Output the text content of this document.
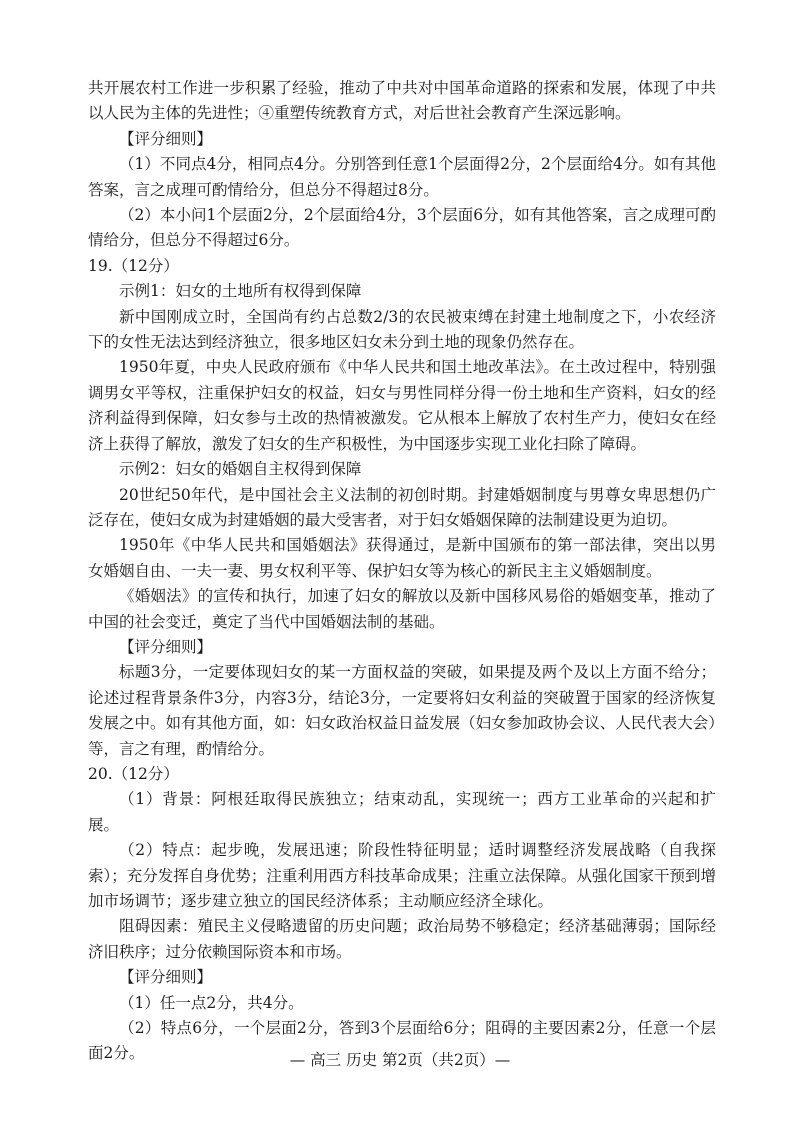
共开展农村工作进一步积累了经验，推动了中共对中国革命道路的探索和发展，体现了中共以人民为主体的先进性；④重塑传统教育方式，对后世社会教育产生深远影响。

【评分细则】

（1）不同点4分，相同点4分。分别答到任意1个层面得2分，2个层面给4分。如有其他答案，言之成理可酌情给分，但总分不得超过8分。

（2）本小问1个层面2分，2个层面给4分，3个层面6分，如有其他答案，言之成理可酌情给分，但总分不得超过6分。

19.（12分）

示例1：妇女的土地所有权得到保障

新中国刚成立时，全国尚有约占总数2/3的农民被束缚在封建土地制度之下，小农经济下的女性无法达到经济独立，很多地区妇女未分到土地的现象仍然存在。

1950年夏，中央人民政府颁布《中华人民共和国土地改革法》。在土改过程中，特别强调男女平等权，注重保护妇女的权益，妇女与男性同样分得一份土地和生产资料，妇女的经济利益得到保障，妇女参与土改的热情被激发。它从根本上解放了农村生产力，使妇女在经济上获得了解放，激发了妇女的生产积极性，为中国逐步实现工业化扫除了障碍。

示例2：妇女的婚姻自主权得到保障

20世纪50年代，是中国社会主义法制的初创时期。封建婚姻制度与男尊女卑思想仍广泛存在，使妇女成为封建婚姻的最大受害者，对于妇女婚姻保障的法制建设更为迫切。

1950年《中华人民共和国婚姻法》获得通过，是新中国颁布的第一部法律，突出以男女婚姻自由、一夫一妻、男女权利平等、保护妇女等为核心的新民主主义婚姻制度。

《婚姻法》的宣传和执行，加速了妇女的解放以及新中国移风易俗的婚姻变革，推动了中国的社会变迁，奠定了当代中国婚姻法制的基础。

【评分细则】

标题3分，一定要体现妇女的某一方面权益的突破，如果提及两个及以上方面不给分；论述过程背景条件3分，内容3分，结论3分，一定要将妇女利益的突破置于国家的经济恢复发展之中。如有其他方面，如：妇女政治权益日益发展（妇女参加政协会议、人民代表大会）等，言之有理，酌情给分。

20.（12分）

（1）背景：阿根廷取得民族独立；结束动乱，实现统一；西方工业革命的兴起和扩展。

（2）特点：起步晚，发展迅速；阶段性特征明显；适时调整经济发展战略（自我探索）；充分发挥自身优势；注重利用西方科技革命成果；注重立法保障。从强化国家干预到增加市场调节；逐步建立独立的国民经济体系；主动顺应经济全球化。

阻碍因素：殖民主义侵略遗留的历史问题；政治局势不够稳定；经济基础薄弱；国际经济旧秩序；过分依赖国际资本和市场。

【评分细则】

（1）任一点2分，共4分。

（2）特点6分，一个层面2分，答到3个层面给6分；阻碍的主要因素2分，任意一个层面2分。	— 高三 历史 第2页（共2页）—
